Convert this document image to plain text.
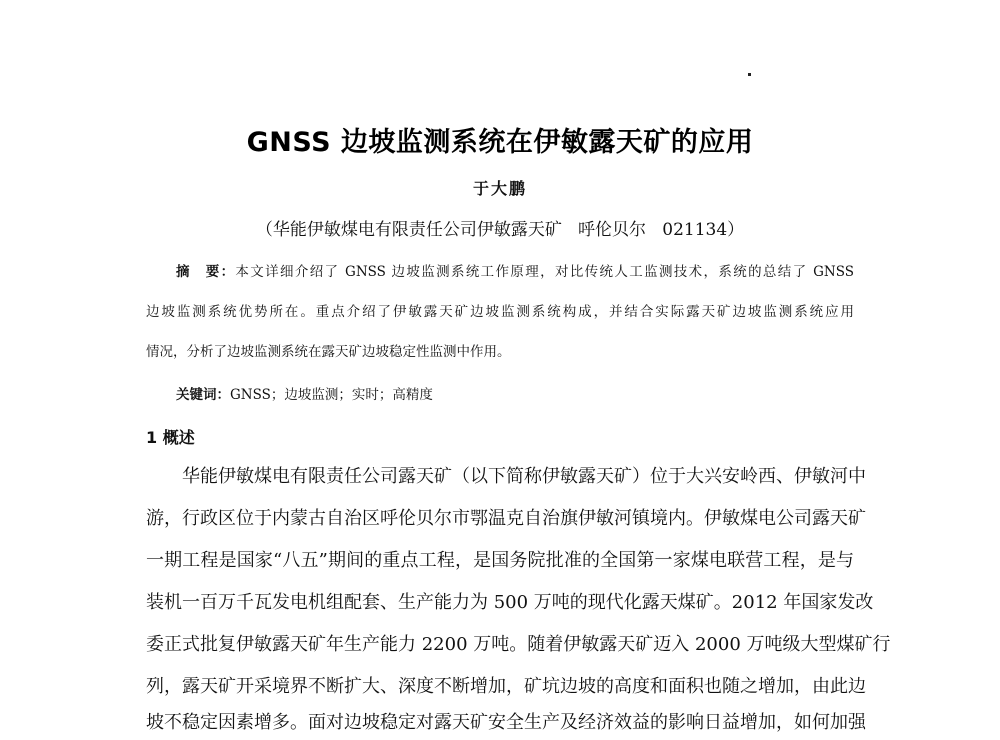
GNSS 边坡监测系统在伊敏露天矿的应用
于大鹏
（华能伊敏煤电有限责任公司伊敏露天矿   呼伦贝尔   021134）
摘　要：本文详细介绍了 GNSS 边坡监测系统工作原理，对比传统人工监测技术，系统的总结了 GNSS
边坡监测系统优势所在。重点介绍了伊敏露天矿边坡监测系统构成，并结合实际露天矿边坡监测系统应用
情况，分析了边坡监测系统在露天矿边坡稳定性监测中作用。
关键词：GNSS；边坡监测；实时；高精度
1 概述
华能伊敏煤电有限责任公司露天矿（以下简称伊敏露天矿）位于大兴安岭西、伊敏河中
游，行政区位于内蒙古自治区呼伦贝尔市鄂温克自治旗伊敏河镇境内。伊敏煤电公司露天矿
一期工程是国家“八五”期间的重点工程，是国务院批准的全国第一家煤电联营工程，是与
装机一百万千瓦发电机组配套、生产能力为 500 万吨的现代化露天煤矿。2012 年国家发改
委正式批复伊敏露天矿年生产能力 2200 万吨。随着伊敏露天矿迈入 2000 万吨级大型煤矿行
列，露天矿开采境界不断扩大、深度不断增加，矿坑边坡的高度和面积也随之增加，由此边
坡不稳定因素增多。面对边坡稳定对露天矿安全生产及经济效益的影响日益增加，如何加强
